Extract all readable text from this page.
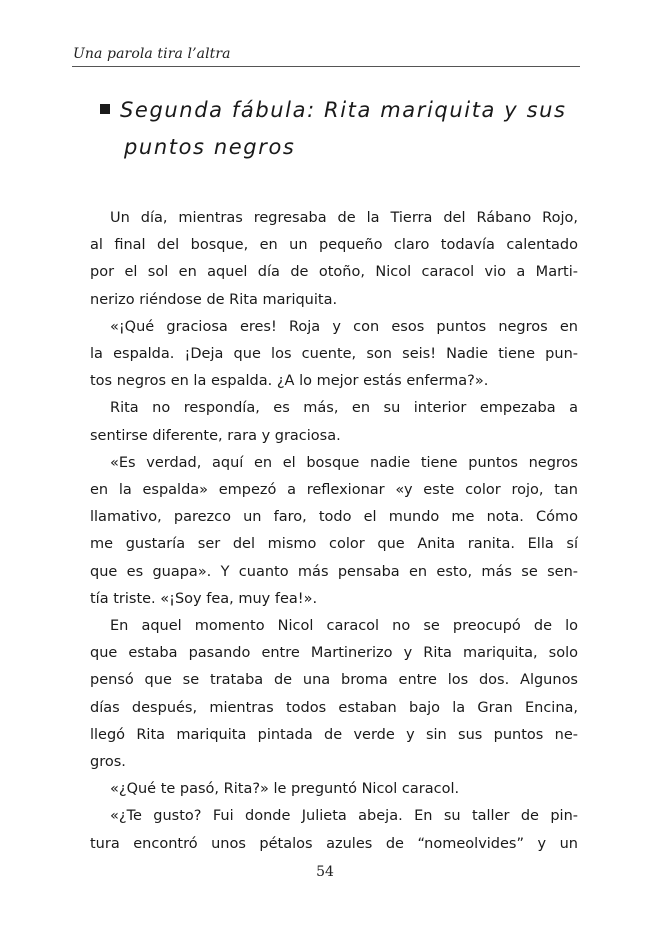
Una parola tira l’altra
Segunda fábula: Rita mariquita y sus
puntos negros
Un día, mientras regresaba de la Tierra del Rábano Rojo,
al final del bosque, en un pequeño claro todavía calentado
por el sol en aquel día de otoño, Nicol caracol vio a Marti-
nerizo riéndose de Rita mariquita.
«¡Qué graciosa eres! Roja y con esos puntos negros en
la espalda. ¡Deja que los cuente, son seis! Nadie tiene pun-
tos negros en la espalda. ¿A lo mejor estás enferma?».
Rita no respondía, es más, en su interior empezaba a
sentirse diferente, rara y graciosa.
«Es verdad, aquí en el bosque nadie tiene puntos negros
en la espalda» empezó a reflexionar «y este color rojo, tan
llamativo, parezco un faro, todo el mundo me nota. Cómo
me gustaría ser del mismo color que Anita ranita. Ella sí
que es guapa». Y cuanto más pensaba en esto, más se sen-
tía triste. «¡Soy fea, muy fea!».
En aquel momento Nicol caracol no se preocupó de lo
que estaba pasando entre Martinerizo y Rita mariquita, solo
pensó que se trataba de una broma entre los dos. Algunos
días después, mientras todos estaban bajo la Gran Encina,
llegó Rita mariquita pintada de verde y sin sus puntos ne-
gros.
«¿Qué te pasó, Rita?» le preguntó Nicol caracol.
«¿Te gusto? Fui donde Julieta abeja. En su taller de pin-
tura encontró unos pétalos azules de “nomeolvides” y un
54
